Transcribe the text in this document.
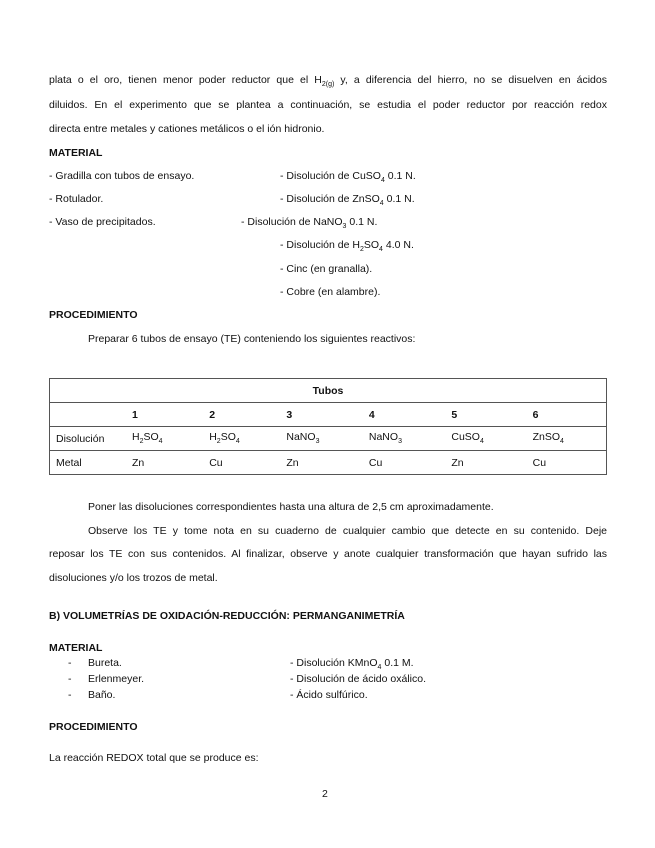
plata o el oro, tienen menor poder reductor que el $H_{2(g)}$ y, a diferencia del hierro, no se disuelven en ácidos
diluidos. En el experimento que se plantea a continuación, se estudia el poder reductor por reacción redox
directa entre metales y cationes metálicos o el ión hidronio.
MATERIAL
- Gradilla con tubos de ensayo.
- Rotulador.
- Vaso de precipitados.
- Disolución de CuSO$_4$ 0.1 N.
- Disolución de ZnSO$_4$ 0.1 N.
- Disolución de NaNO$_3$ 0.1 N.
- Disolución de $H_2SO_4$ 4.0 N.
- Cinc (en granalla).
- Cobre (en alambre).
PROCEDIMIENTO
Preparar 6 tubos de ensayo (TE) conteniendo los siguientes reactivos:
Tubos						
	1	2	3	4	5	6
Disolución	$H_2SO_4$	$H_2SO_4$	NaNO$_3$	NaNO$_3$	CuSO$_4$	ZnSO$_4$
Metal	Zn	Cu	Zn	Cu	Zn	Cu
Poner las disoluciones correspondientes hasta una altura de 2,5 cm aproximadamente.
Observe los TE y tome nota en su cuaderno de cualquier cambio que detecte en su contenido. Deje
reposar los TE con sus contenidos. Al finalizar, observe y anote cualquier transformación que hayan sufrido las
disoluciones y/o los trozos de metal.
B) VOLUMETRÍAS DE OXIDACIÓN-REDUCCIÓN: PERMANGANIMETRÍA
MATERIAL
- Bureta.
- Erlenmeyer.
- Baño.
- Disolución KMnO$_4$ 0.1 M.
- Disolución de ácido oxálico.
- Ácido sulfúrico.
PROCEDIMIENTO
La reacción REDOX total que se produce es:
2
